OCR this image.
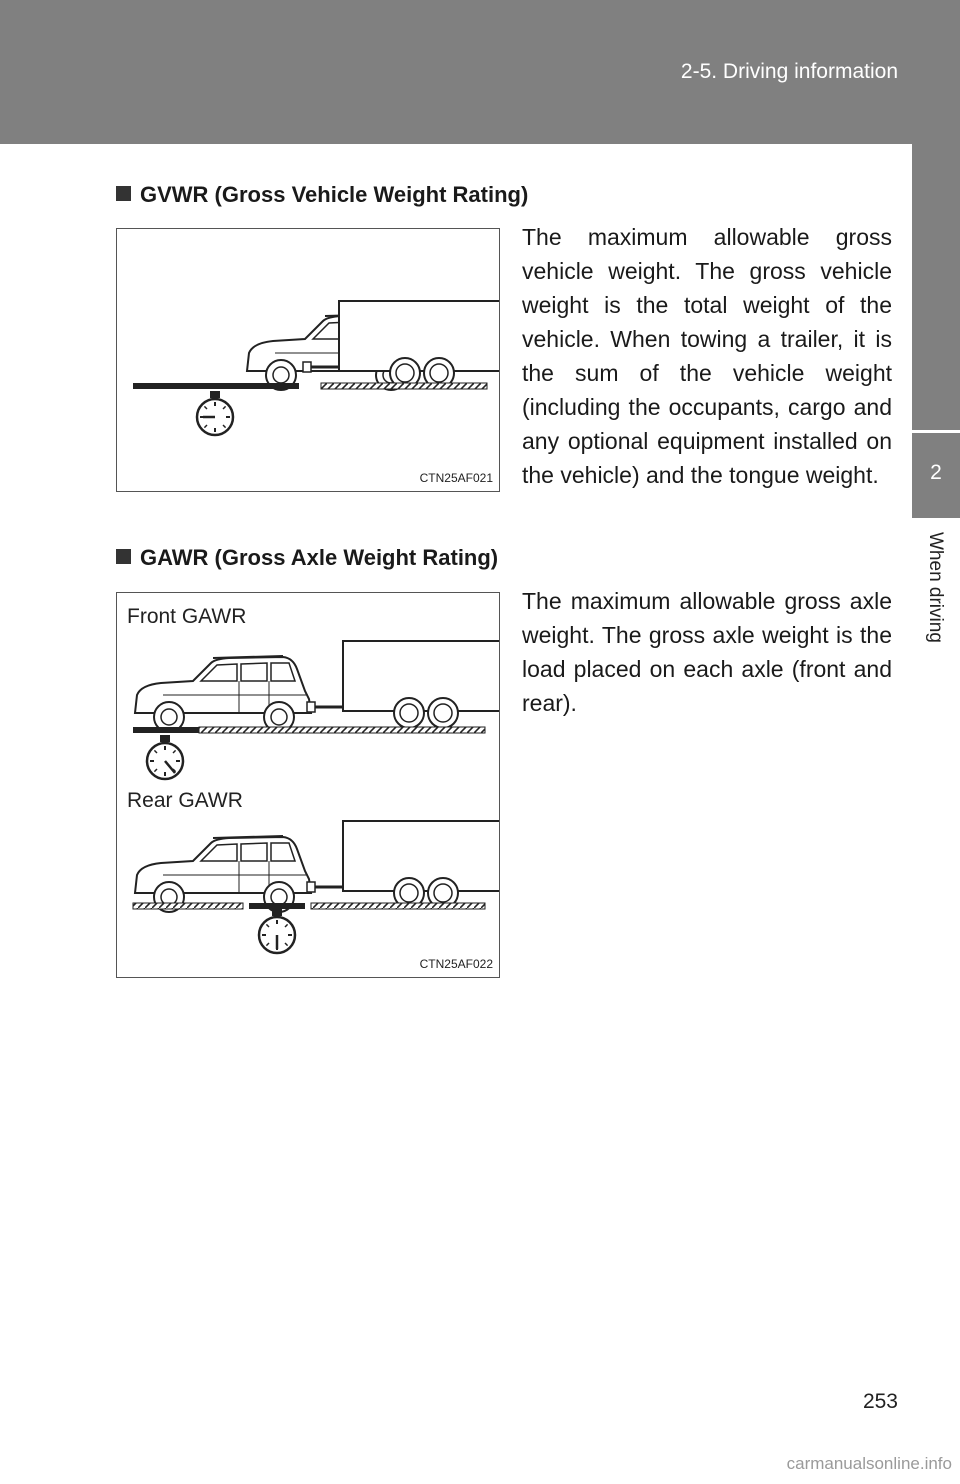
2-5. Driving information
2
When driving
GVWR (Gross Vehicle Weight Rating)
CTN25AF021
The maximum allowable gross vehicle weight. The gross vehicle weight is the total weight of the vehicle. When towing a trailer, it is the sum of the vehicle weight (including the occupants, cargo and any optional equipment installed on the vehicle) and the tongue weight.
GAWR (Gross Axle Weight Rating)
Front GAWR
Rear GAWR
CTN25AF022
The maximum allowable gross axle weight. The gross axle weight is the load placed on each axle (front and rear).
253
carmanualsonline.info
